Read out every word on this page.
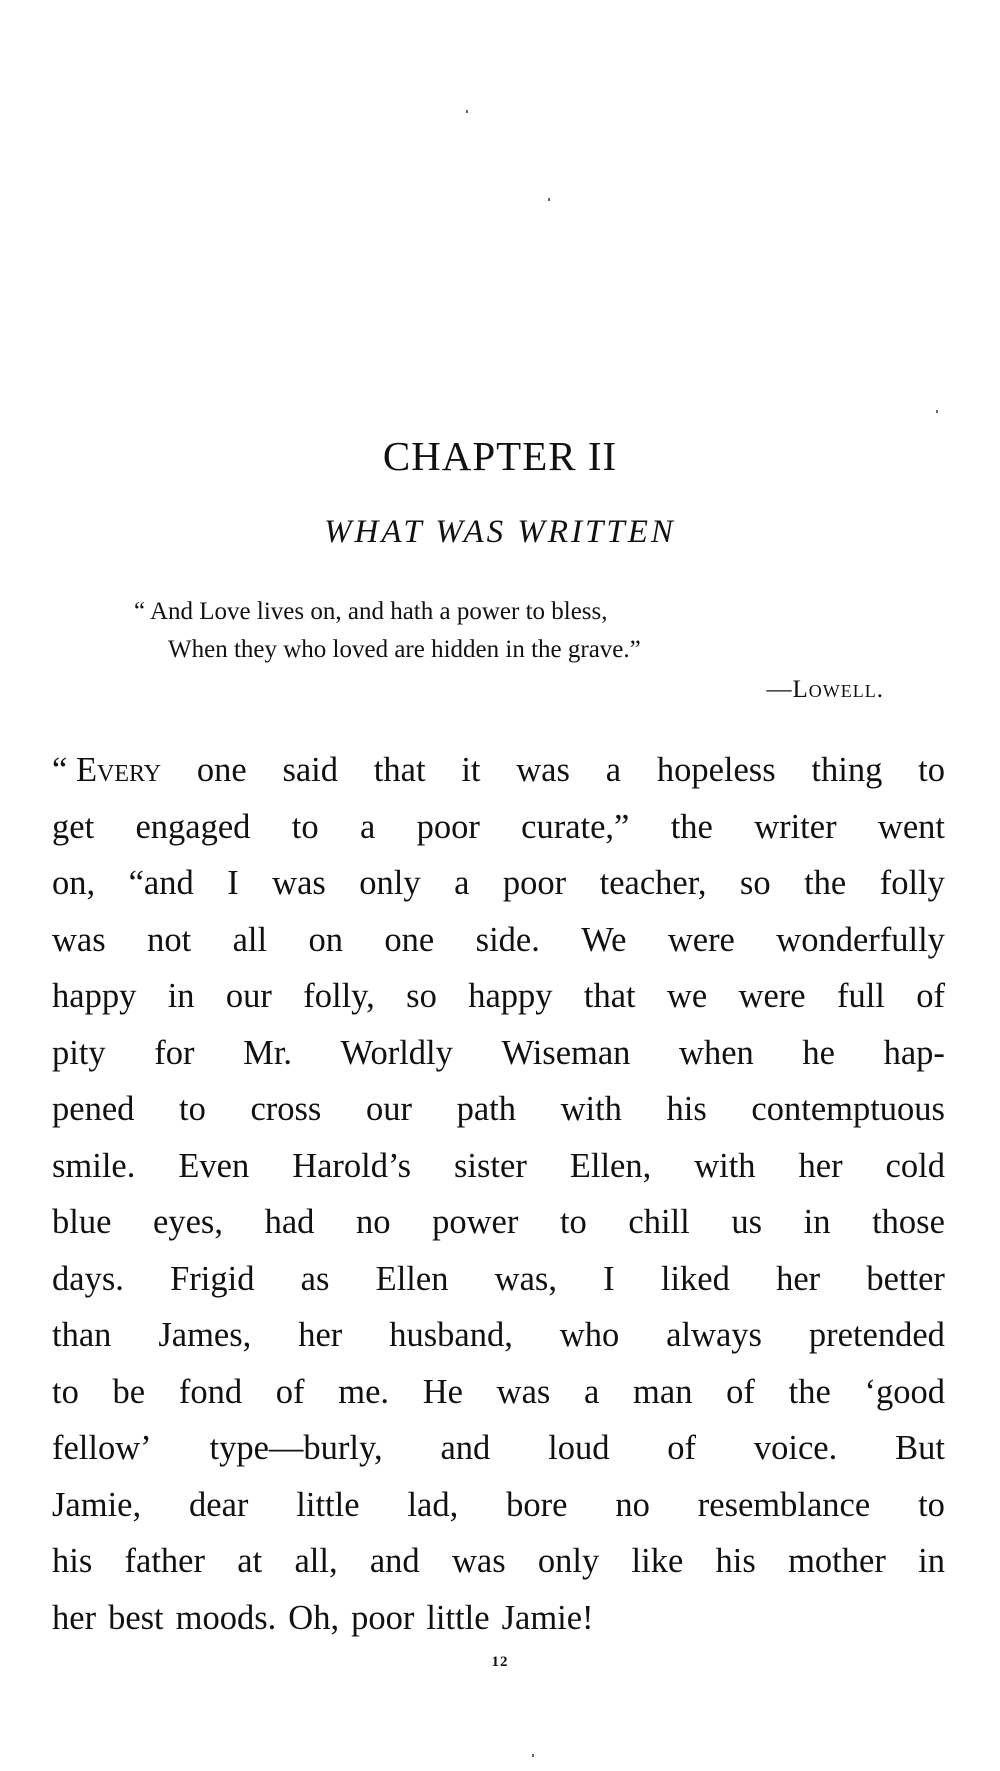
CHAPTER II
WHAT WAS WRITTEN
“ And Love lives on, and hath a power to bless,
When they who loved are hidden in the grave.”
—Lowell.
“ Every one said that it was a hopeless thing to
get engaged to a poor curate,” the writer went
on, “and I was only a poor teacher, so the folly
was not all on one side. We were wonderfully
happy in our folly, so happy that we were full of
pity for Mr. Worldly Wiseman when he hap-
pened to cross our path with his contemptuous
smile. Even Harold’s sister Ellen, with her cold
blue eyes, had no power to chill us in those
days. Frigid as Ellen was, I liked her better
than James, her husband, who always pretended
to be fond of me. He was a man of the ‘good
fellow’ type—burly, and loud of voice. But
Jamie, dear little lad, bore no resemblance to
his father at all, and was only like his mother in
her best moods. Oh, poor little Jamie!
12
